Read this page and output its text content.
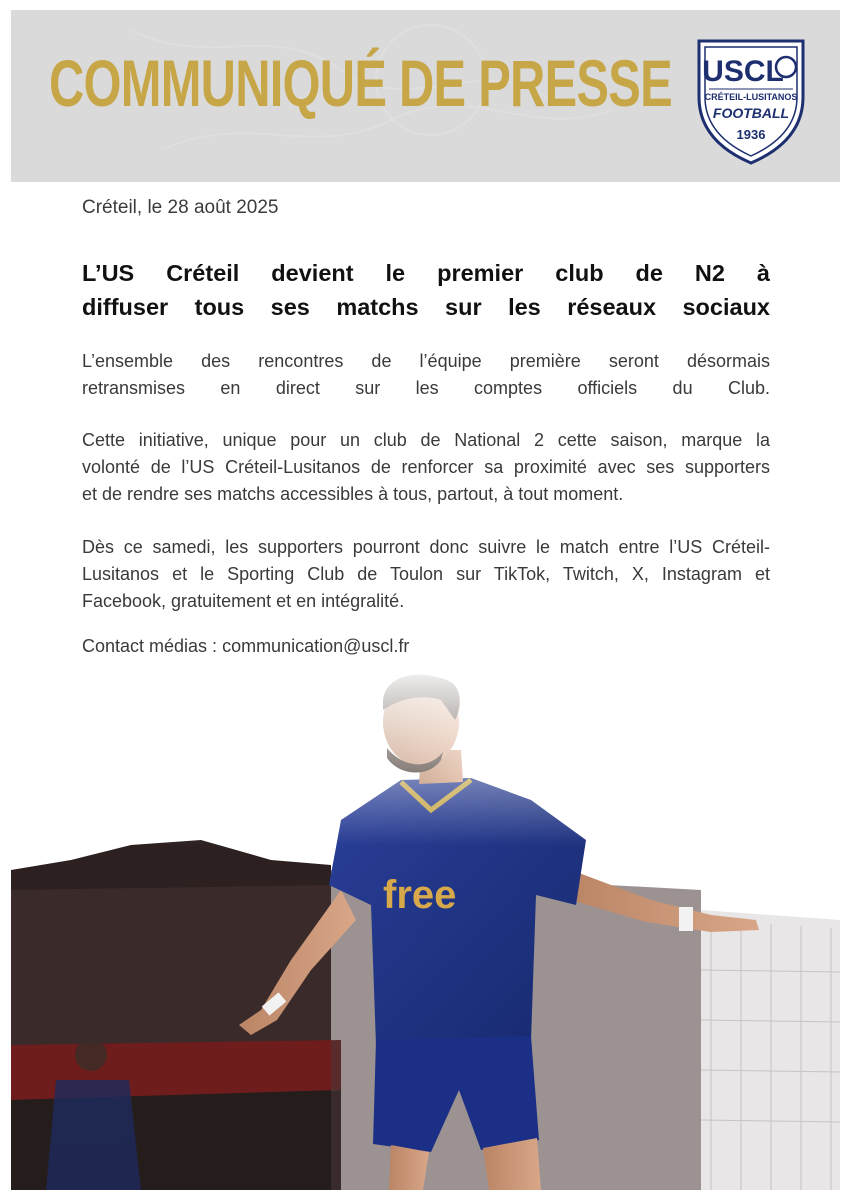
COMMUNIQUÉ DE PRESSE USCL
CRÉTEIL-LUSITANOS
FOOTBALL
1936
Créteil, le 28 août 2025
L’US Créteil devient le premier club de N2 à
diffuser tous ses matchs sur les réseaux sociaux
L’ensemble des rencontres de l’équipe première seront désormais
retransmises en direct sur les comptes officiels du Club.
Cette initiative, unique pour un club de National 2 cette saison, marque la
volonté de l’US Créteil-Lusitanos de renforcer sa proximité avec ses supporters
et de rendre ses matchs accessibles à tous, partout, à tout moment.
Dès ce samedi, les supporters pourront donc suivre le match entre l’US Créteil-
Lusitanos et le Sporting Club de Toulon sur TikTok, Twitch, X, Instagram et
Facebook, gratuitement et en intégralité.
Contact médias : communication@uscl.fr
